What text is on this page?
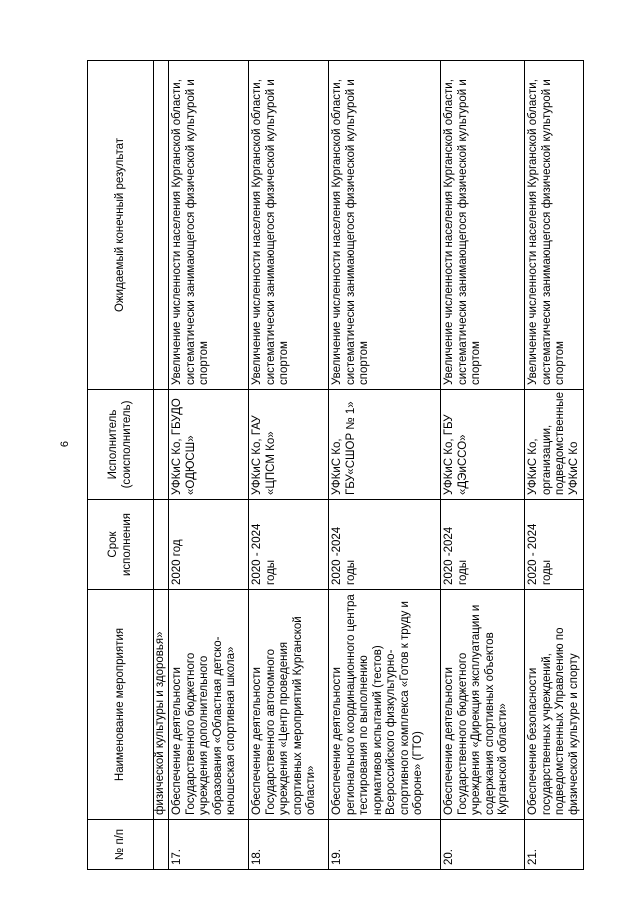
6
№ п/п	Наименование мероприятия	Срок исполнения	Исполнитель (соисполнитель)	Ожидаемый конечный результат
	физической культуры и здоровья»			
17.	Обеспечение деятельности Государственного бюджетного учреждения дополнительного образования «Областная детско-юношеская спортивная школа»	2020 год	УФКиС Ко, ГБУДО «ОДЮСШ»	Увеличение численности населения Курганской области, систематически занимающегося физической культурой и спортом
18.	Обеспечение деятельности Государственного автономного учреждения «Центр проведения спортивных мероприятий Курганской области»	2020 - 2024 годы	УФКиС Ко, ГАУ «ЦПСМ Ко»	Увеличение численности населения Курганской области, систематически занимающегося физической культурой и спортом
19.	Обеспечение деятельности регионального координационного центра тестирования по выполнению нормативов испытаний (тестов) Всероссийского физкультурно-спортивного комплекса «Готов к труду и обороне» (ГТО)	2020 -2024 годы	УФКиС Ко, ГБУ«СШОР № 1»	Увеличение численности населения Курганской области, систематически занимающегося физической культурой и спортом
20.	Обеспечение деятельности Государственного бюджетного учреждения «Дирекция эксплуатации и содержания спортивных объектов Курганской области»	2020 -2024 годы	УФКиС Ко, ГБУ «ДЭиССО»	Увеличение численности населения Курганской области, систематически занимающегося физической культурой и спортом
21.	Обеспечение безопасности государственных учреждений, подведомственных Управлению по физической культуре и спорту	2020 - 2024 годы	УФКиС Ко, организации, подведомственные УФКиС Ко	Увеличение численности населения Курганской области, систематически занимающегося физической культурой и спортом
